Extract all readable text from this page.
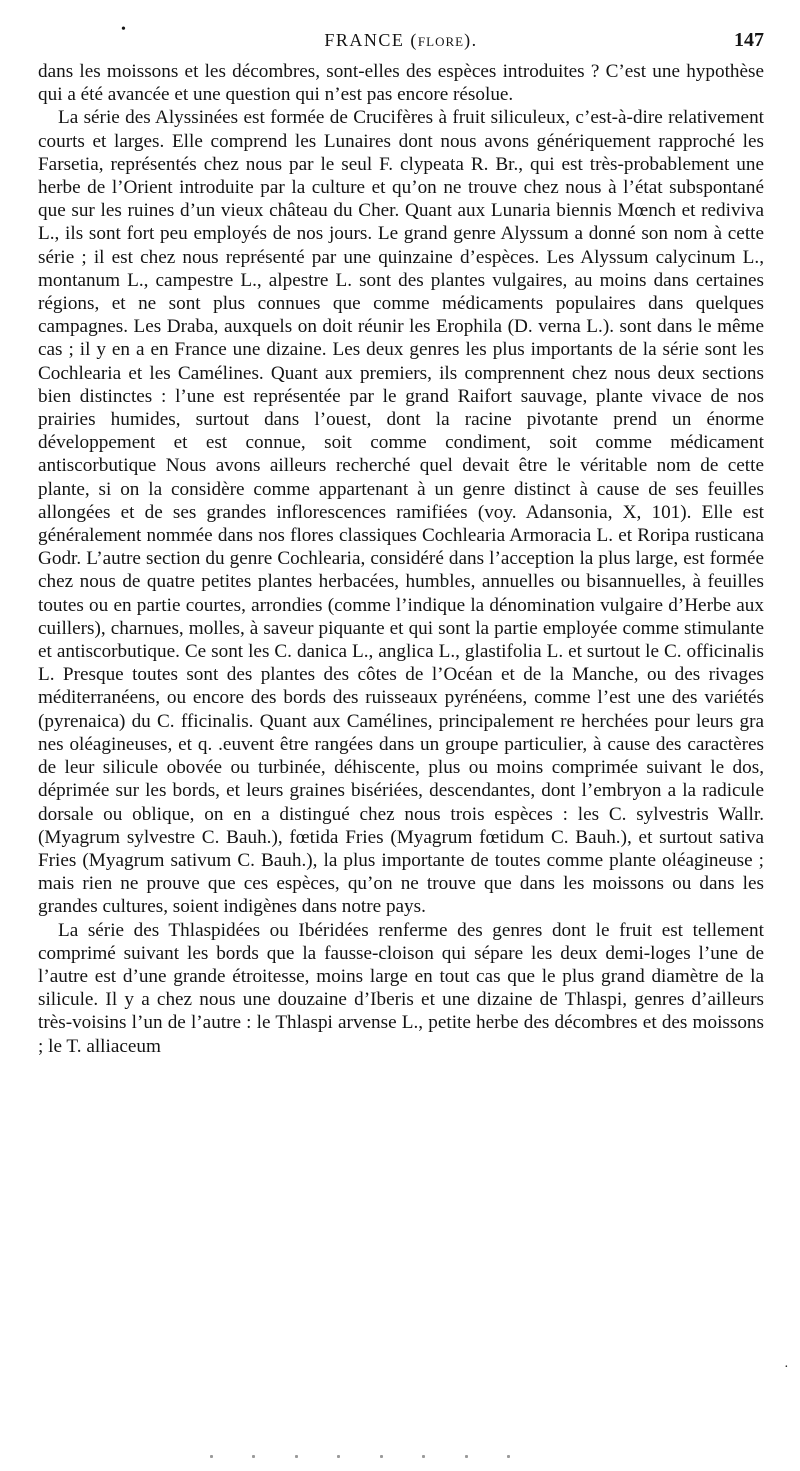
•
FRANCE (FLORE).	147

dans les moissons et les décombres, sont-elles des espèces introduites ? C’est une hypothèse qui a été avancée et une question qui n’est pas encore résolue.

La série des Alyssinées est formée de Crucifères à fruit siliculeux, c’est-à-dire relativement courts et larges. Elle comprend les Lunaires dont nous avons génériquement rapproché les Farsetia, représentés chez nous par le seul F. clypeata R. Br., qui est très-probablement une herbe de l’Orient introduite par la culture et qu’on ne trouve chez nous à l’état subspontané que sur les ruines d’un vieux château du Cher. Quant aux Lunaria biennis Mœnch et rediviva L., ils sont fort peu employés de nos jours. Le grand genre Alyssum a donné son nom à cette série ; il est chez nous représenté par une quinzaine d’espèces. Les Alyssum calycinum L., montanum L., campestre L., alpestre L. sont des plantes vulgaires, au moins dans certaines régions, et ne sont plus connues que comme médicaments populaires dans quelques campagnes. Les Draba, auxquels on doit réunir les Erophila (D. verna L.). sont dans le même cas ; il y en a en France une dizaine. Les deux genres les plus importants de la série sont les Cochlearia et les Camélines. Quant aux premiers, ils comprennent chez nous deux sections bien distinctes : l’une est représentée par le grand Raifort sauvage, plante vivace de nos prairies humides, surtout dans l’ouest, dont la racine pivotante prend un énorme développement et est connue, soit comme condiment, soit comme médicament antiscorbutique Nous avons ailleurs recherché quel devait être le véritable nom de cette plante, si on la considère comme appartenant à un genre distinct à cause de ses feuilles allongées et de ses grandes inflorescences ramifiées (voy. Adansonia, X, 101). Elle est généralement nommée dans nos flores classiques Cochlearia Armoracia L. et Roripa rusticana Godr. L’autre section du genre Cochlearia, considéré dans l’acception la plus large, est formée chez nous de quatre petites plantes herbacées, humbles, annuelles ou bisannuelles, à feuilles toutes ou en partie courtes, arrondies (comme l’indique la dénomination vulgaire d’Herbe aux cuillers), charnues, molles, à saveur piquante et qui sont la partie employée comme stimulante et antiscorbutique. Ce sont les C. danica L., anglica L., glastifolia L. et surtout le C. officinalis L. Presque toutes sont des plantes des côtes de l’Océan et de la Manche, ou des rivages méditerranéens, ou encore des bords des ruisseaux pyrénéens, comme l’est une des variétés (pyrenaica) du C. fficinalis. Quant aux Camélines, principalement re herchées pour leurs gra nes oléagineuses, et q. .euvent être rangées dans un groupe particulier, à cause des caractères de leur silicule obovée ou turbinée, déhiscente, plus ou moins comprimée suivant le dos, déprimée sur les bords, et leurs graines bisériées, descendantes, dont l’embryon a la radicule dorsale ou oblique, on en a distingué chez nous trois espèces : les C. sylvestris Wallr. (Myagrum sylvestre C. Bauh.), fœtida Fries (Myagrum fœtidum C. Bauh.), et surtout sativa Fries (Myagrum sativum C. Bauh.), la plus importante de toutes comme plante oléagineuse ; mais rien ne prouve que ces espèces, qu’on ne trouve que dans les moissons ou dans les grandes cultures, soient indigènes dans notre pays.

La série des Thlaspidées ou Ibéridées renferme des genres dont le fruit est tellement comprimé suivant les bords que la fausse-cloison qui sépare les deux demi-loges l’une de l’autre est d’une grande étroitesse, moins large en tout cas que le plus grand diamètre de la silicule. Il y a chez nous une douzaine d’Iberis et une dizaine de Thlaspi, genres d’ailleurs très-voisins l’un de l’autre : le Thlaspi arvense L., petite herbe des décombres et des moissons ; le T. alliaceum

·
